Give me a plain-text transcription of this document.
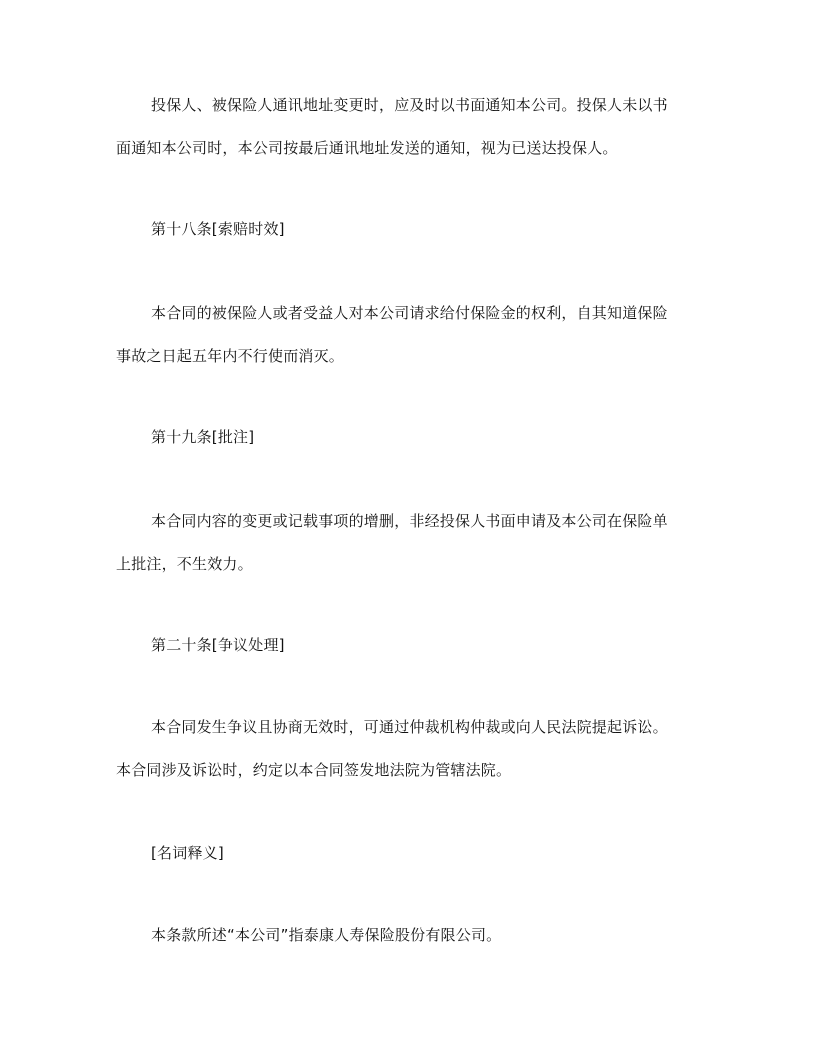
投保人、被保险人通讯地址变更时，应及时以书面通知本公司。投保人未以书
面通知本公司时，本公司按最后通讯地址发送的通知，视为已送达投保人。
第十八条[索赔时效]
本合同的被保险人或者受益人对本公司请求给付保险金的权利，自其知道保险
事故之日起五年内不行使而消灭。
第十九条[批注]
本合同内容的变更或记载事项的增删，非经投保人书面申请及本公司在保险单
上批注，不生效力。
第二十条[争议处理]
本合同发生争议且协商无效时，可通过仲裁机构仲裁或向人民法院提起诉讼。
本合同涉及诉讼时，约定以本合同签发地法院为管辖法院。
[名词释义]
本条款所述“本公司”指泰康人寿保险股份有限公司。
